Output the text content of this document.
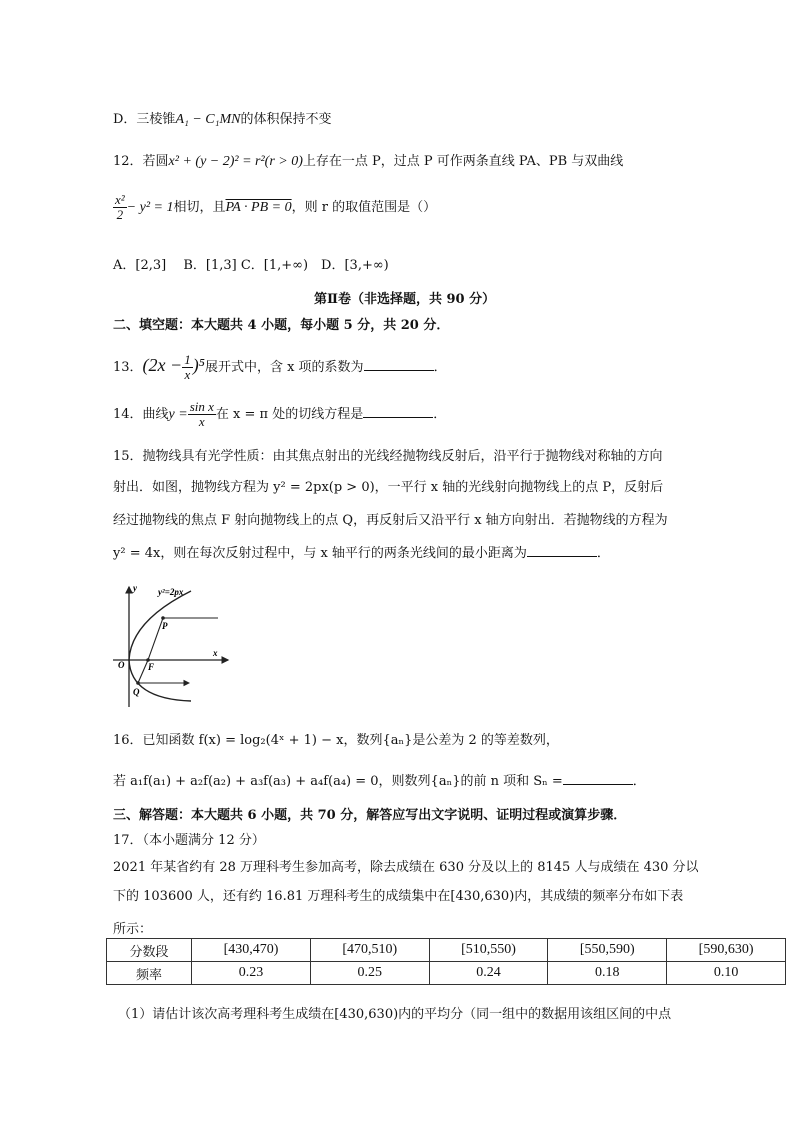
D．三棱锥A₁ − C₁MN的体积保持不变
12．若圆x² + (y − 2)² = r²(r > 0)上存在一点 P，过点 P 可作两条直线 PA、PB 与双曲线
$\frac{\text{x²}}{2} - y^2 = 1$相切，且PA · PB = 0，则 r 的取值范围是（）
A．[2,3]　 B．[1,3] C．[1,+∞)　D．[3,+∞)
第Ⅱ卷（非选择题，共 90 分）
二、填空题：本大题共 4 小题，每小题 5 分，共 20 分．
13．$(2x - \frac{1}{x} )^5$展开式中，含 x 项的系数为	．
14．曲线$y = \frac{\text{sin x}}{x}$ 在 x = π 处的切线方程是	．
15．抛物线具有光学性质：由其焦点射出的光线经抛物线反射后，沿平行于抛物线对称轴的方向
射出．如图，抛物线方程为 y² = 2px(p > 0)，一平行 x 轴的光线射向抛物线上的点 P，反射后
经过抛物线的焦点 F 射向抛物线上的点 Q，再反射后又沿平行 x 轴方向射出．若抛物线的方程为
y² = 4x，则在每次反射过程中，与 x 轴平行的两条光线间的最小距离为	．
y²=2px
y
x
O	F
P
Q
16．已知函数 f(x) = log₂(4ˣ + 1) − x，数列{aₙ}是公差为 2 的等差数列，
若 a₁f(a₁) + a₂f(a₂) + a₃f(a₃) + a₄f(a₄) = 0，则数列{aₙ}的前 n 项和 Sₙ =	．
三、解答题：本大题共 6 小题，共 70 分，解答应写出文字说明、证明过程或演算步骤．
17．（本小题满分 12 分）
2021 年某省约有 28 万理科考生参加高考，除去成绩在 630 分及以上的 8145 人与成绩在 430 分以
下的 103600 人，还有约 16.81 万理科考生的成绩集中在[430,630)内，其成绩的频率分布如下表
所示：
分数段	[430,470)	[470,510)	[510,550)	[550,590)	[590,630)
频率	0.23	0.25	0.24	0.18	0.10
（1）请估计该次高考理科考生成绩在[430,630)内的平均分（同一组中的数据用该组区间的中点
